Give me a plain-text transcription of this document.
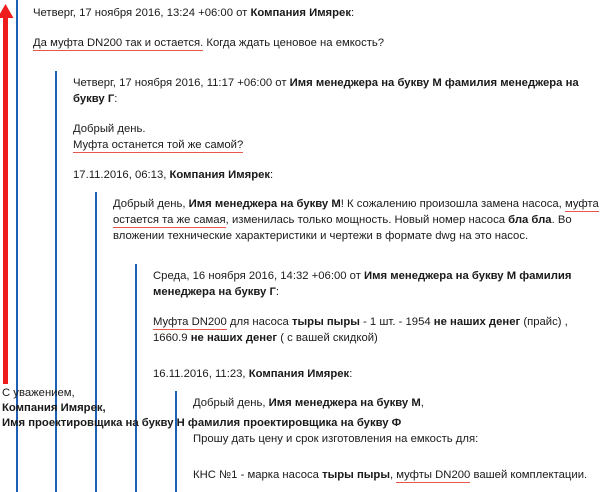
Четверг, 17 ноября 2016, 13:24 +06:00 от Компания Имярек:

Да муфта DN200 так и остается. Когда ждать ценовое на емкость?

Четверг, 17 ноября 2016, 11:17 +06:00 от Имя менеджера на букву М фамилия менеджера на букву Г:

Добрый день.

Муфта останется той же самой?

17.11.2016, 06:13, Компания Имярек:

Добрый день, Имя менеджера на букву М! К сожалению произошла замена насоса, муфта остается та же самая, изменилась только мощность. Новый номер насоса бла бла. Во вложении технические характеристики и чертежи в формате dwg на это насос.

Среда, 16 ноября 2016, 14:32 +06:00 от Имя менеджера на букву М фамилия менеджера на букву Г:

Муфта DN200 для насоса тыры пыры - 1 шт. - 1954 не наших денег (прайс) , 1660.9 не наших денег ( с вашей скидкой)

16.11.2016, 11:23, Компания Имярек:

Добрый день, Имя менеджера на букву М,

Прошу дать цену и срок изготовления на емкость для:

КНС №1 - марка насоса тыры пыры, муфты DN200 вашей комплектации.

С уважением,

Компания Имярек,

Имя проектировщика на букву Н фамилия проектировщика на букву Ф
